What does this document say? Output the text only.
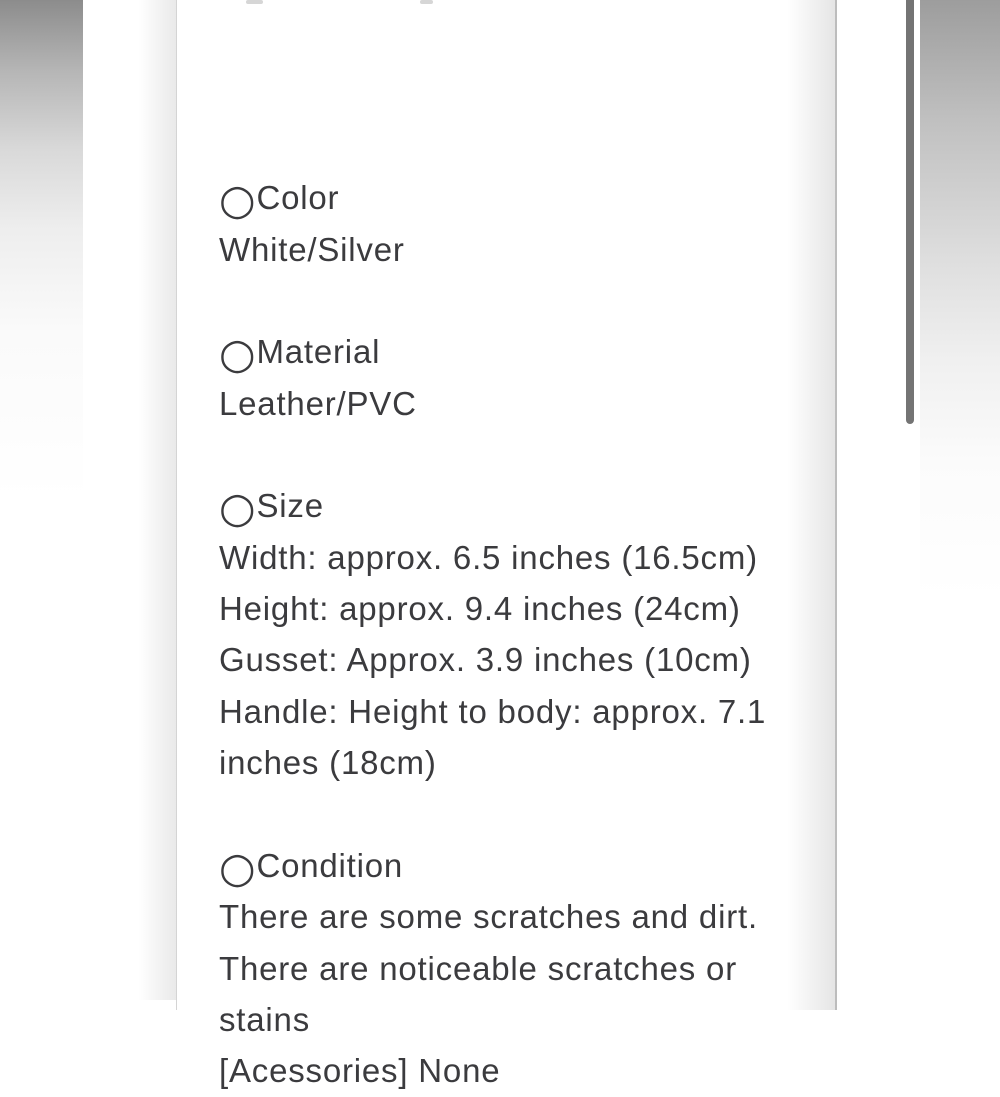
○Color
White/Silver

○Material
Leather/PVC

○Size
Width: approx. 6.5 inches (16.5cm)
Height: approx. 9.4 inches (24cm)
Gusset: Approx. 3.9 inches (10cm)
Handle: Height to body: approx. 7.1
inches (18cm)

○Condition
There are some scratches and dirt.
There are noticeable scratches or
stains
[Acessories] None
